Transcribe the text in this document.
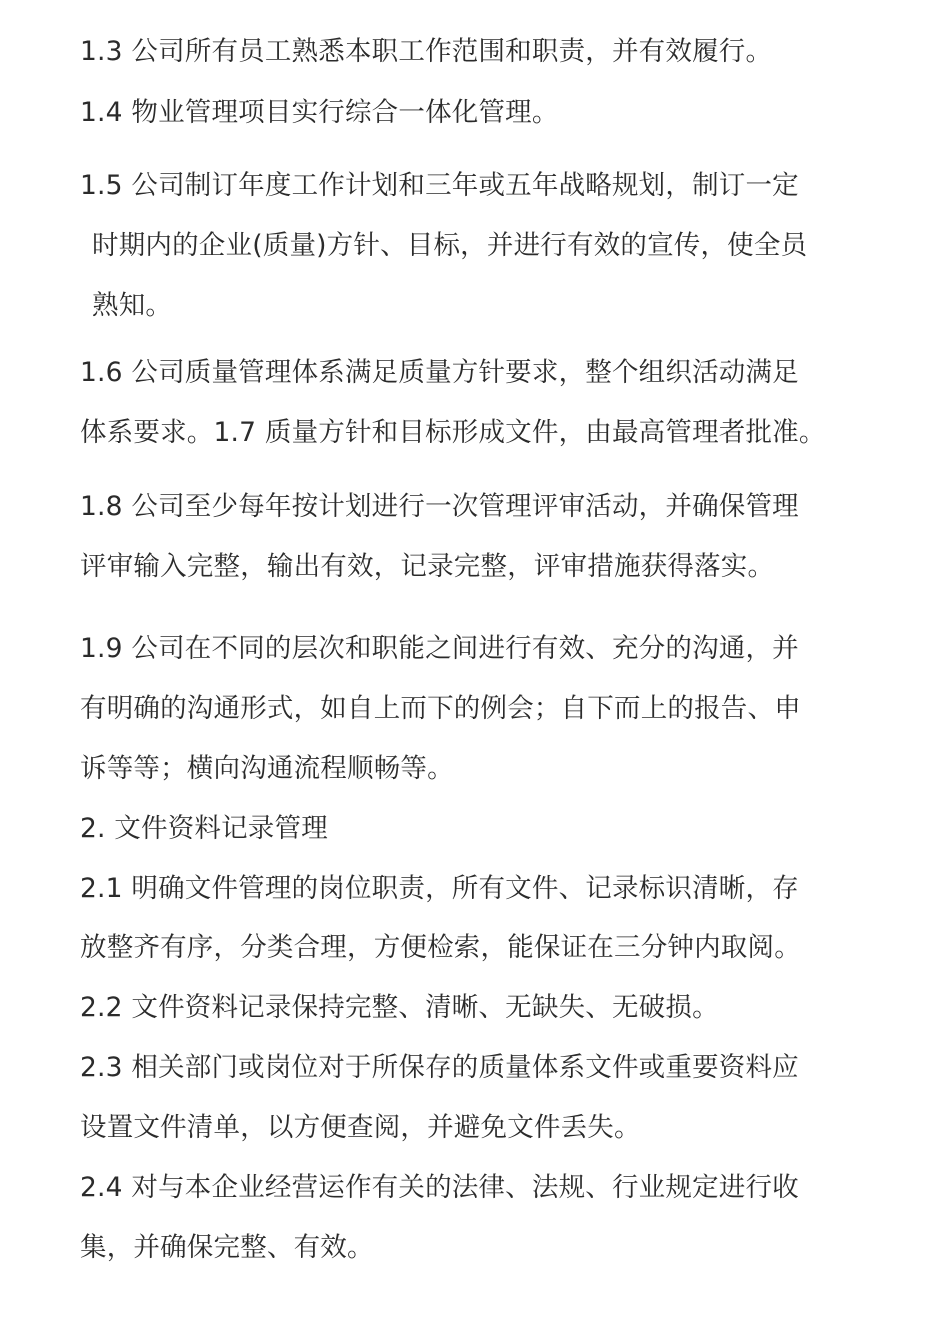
1.3 公司所有员工熟悉本职工作范围和职责，并有效履行。
1.4 物业管理项目实行综合一体化管理。
1.5 公司制订年度工作计划和三年或五年战略规划，制订一定
时期内的企业(质量)方针、目标，并进行有效的宣传，使全员
熟知。
1.6 公司质量管理体系满足质量方针要求，整个组织活动满足
体系要求。1.7 质量方针和目标形成文件，由最高管理者批准。
1.8 公司至少每年按计划进行一次管理评审活动，并确保管理
评审输入完整，输出有效，记录完整，评审措施获得落实。
1.9 公司在不同的层次和职能之间进行有效、充分的沟通，并
有明确的沟通形式，如自上而下的例会；自下而上的报告、申
诉等等；横向沟通流程顺畅等。
2. 文件资料记录管理
2.1 明确文件管理的岗位职责，所有文件、记录标识清晰，存
放整齐有序，分类合理，方便检索，能保证在三分钟内取阅。
2.2 文件资料记录保持完整、清晰、无缺失、无破损。
2.3 相关部门或岗位对于所保存的质量体系文件或重要资料应
设置文件清单，以方便查阅，并避免文件丢失。
2.4 对与本企业经营运作有关的法律、法规、行业规定进行收
集，并确保完整、有效。
